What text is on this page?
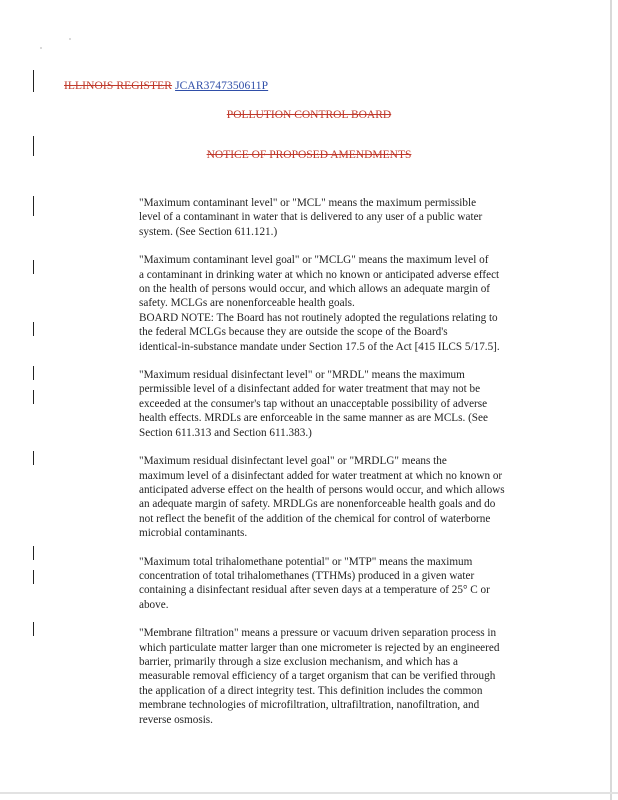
ILLINOIS REGISTER JCAR3747350611P
POLLUTION CONTROL BOARD
NOTICE OF PROPOSED AMENDMENTS
"Maximum contaminant level" or "MCL" means the maximum permissible
level of a contaminant in water that is delivered to any user of a public water
system. (See Section 611.121.)
"Maximum contaminant level goal" or "MCLG" means the maximum level of
a contaminant in drinking water at which no known or anticipated adverse effect
on the health of persons would occur, and which allows an adequate margin of
safety. MCLGs are nonenforceable health goals.
BOARD NOTE: The Board has not routinely adopted the regulations relating to
the federal MCLGs because they are outside the scope of the Board's
identical-in-substance mandate under Section 17.5 of the Act [415 ILCS 5/17.5].
"Maximum residual disinfectant level" or "MRDL" means the maximum
permissible level of a disinfectant added for water treatment that may not be
exceeded at the consumer's tap without an unacceptable possibility of adverse
health effects. MRDLs are enforceable in the same manner as are MCLs. (See
Section 611.313 and Section 611.383.)
"Maximum residual disinfectant level goal" or "MRDLG" means the
maximum level of a disinfectant added for water treatment at which no known or
anticipated adverse effect on the health of persons would occur, and which allows
an adequate margin of safety. MRDLGs are nonenforceable health goals and do
not reflect the benefit of the addition of the chemical for control of waterborne
microbial contaminants.
"Maximum total trihalomethane potential" or "MTP" means the maximum
concentration of total trihalomethanes (TTHMs) produced in a given water
containing a disinfectant residual after seven days at a temperature of 25° C or
above.
"Membrane filtration" means a pressure or vacuum driven separation process in
which particulate matter larger than one micrometer is rejected by an engineered
barrier, primarily through a size exclusion mechanism, and which has a
measurable removal efficiency of a target organism that can be verified through
the application of a direct integrity test. This definition includes the common
membrane technologies of microfiltration, ultrafiltration, nanofiltration, and
reverse osmosis.
